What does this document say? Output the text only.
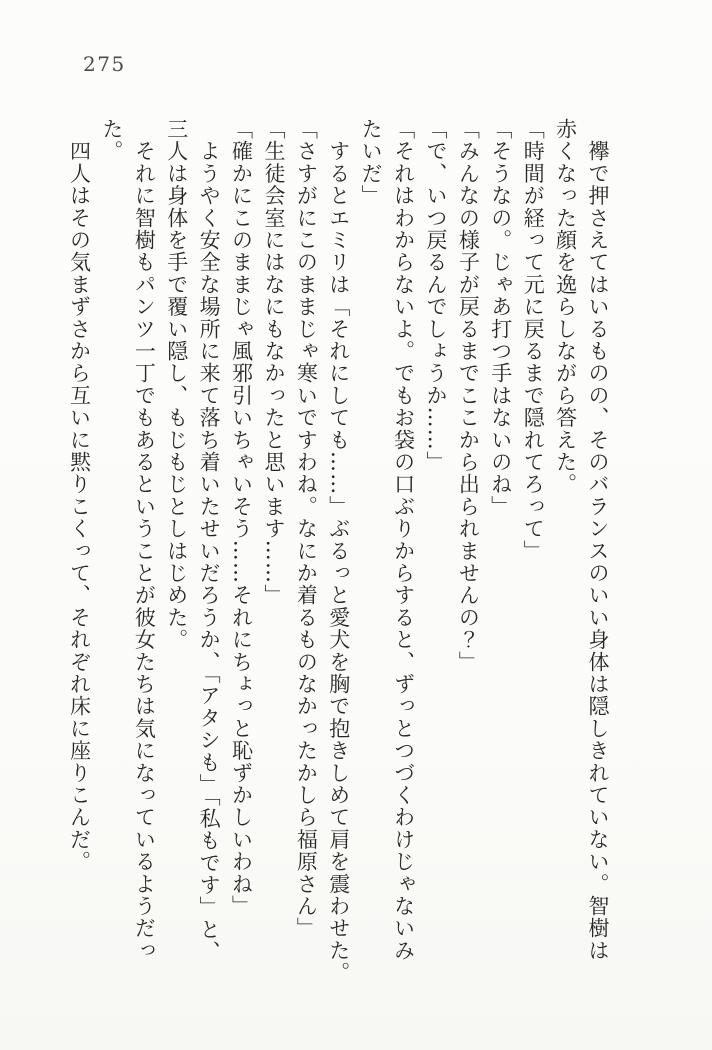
275
　襷で押さえてはいるものの、そのバランスのいい身体は隠しきれていない。智樹は
赤くなった顔を逸らしながら答えた。
「時間が経って元に戻るまで隠れてろって」
「そうなの。じゃあ打つ手はないのね」
「みんなの様子が戻るまでここから出られませんの？」
「で、いつ戻るんでしょうか……」
「それはわからないよ。でもお袋の口ぶりからすると、ずっとつづくわけじゃないみ
たいだ」
　するとエミリは「それにしても……」ぶるっと愛犬を胸で抱きしめて肩を震わせた。
「さすがにこのままじゃ寒いですわね。なにか着るものなかったかしら福原さん」
「生徒会室にはなにもなかったと思います……」
「確かにこのままじゃ風邪引いちゃいそう……それにちょっと恥ずかしいわね」
　ようやく安全な場所に来て落ち着いたせいだろうか、「アタシも」「私もです」と、
三人は身体を手で覆い隠し、もじもじとしはじめた。
　それに智樹もパンツ一丁でもあるということが彼女たちは気になっているようだっ
た。
　四人はその気まずさから互いに黙りこくって、それぞれ床に座りこんだ。
